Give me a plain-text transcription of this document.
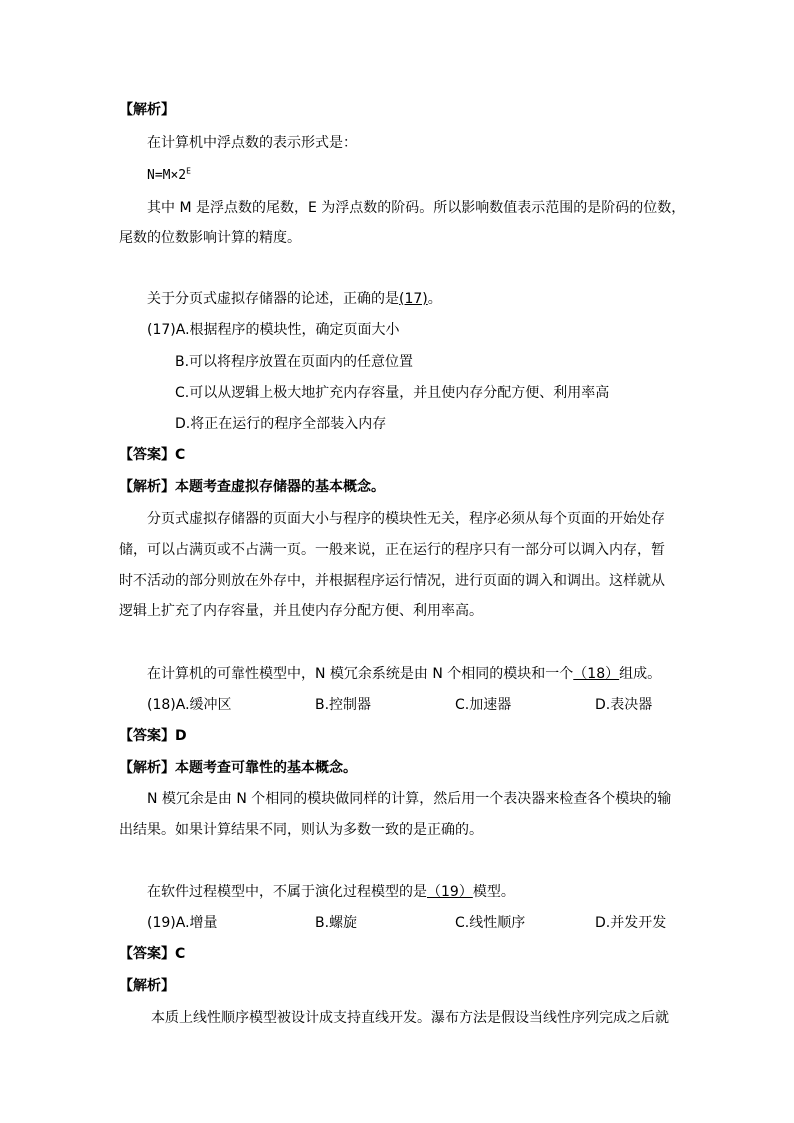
【解析】
在计算机中浮点数的表示形式是：
$N=M\times 2^E$
其中 M 是浮点数的尾数，E 为浮点数的阶码。所以影响数值表示范围的是阶码的位数，
尾数的位数影响计算的精度。
关于分页式虚拟存储器的论述，正确的是(17)。
(17)A.根据程序的模块性，确定页面大小
B.可以将程序放置在页面内的任意位置
C.可以从逻辑上极大地扩充内存容量，并且使内存分配方便、利用率高
D.将正在运行的程序全部装入内存
【答案】C
【解析】本题考查虚拟存储器的基本概念。
分页式虚拟存储器的页面大小与程序的模块性无关，程序必须从每个页面的开始处存
储，可以占满页或不占满一页。一般来说，正在运行的程序只有一部分可以调入内存，暂
时不活动的部分则放在外存中，并根据程序运行情况，进行页面的调入和调出。这样就从
逻辑上扩充了内存容量，并且使内存分配方便、利用率高。
在计算机的可靠性模型中，N 模冗余系统是由 N 个相同的模块和一个（18）组成。
(18)A.缓冲区	B.控制器	C.加速器	D.表决器
【答案】D
【解析】本题考查可靠性的基本概念。
N 模冗余是由 N 个相同的模块做同样的计算，然后用一个表决器来检查各个模块的输
出结果。如果计算结果不同，则认为多数一致的是正确的。
在软件过程模型中，不属于演化过程模型的是（19）模型。
(19)A.增量	B.螺旋	C.线性顺序	D.并发开发
【答案】C
【解析】
本质上线性顺序模型被设计成支持直线开发。瀑布方法是假设当线性序列完成之后就
